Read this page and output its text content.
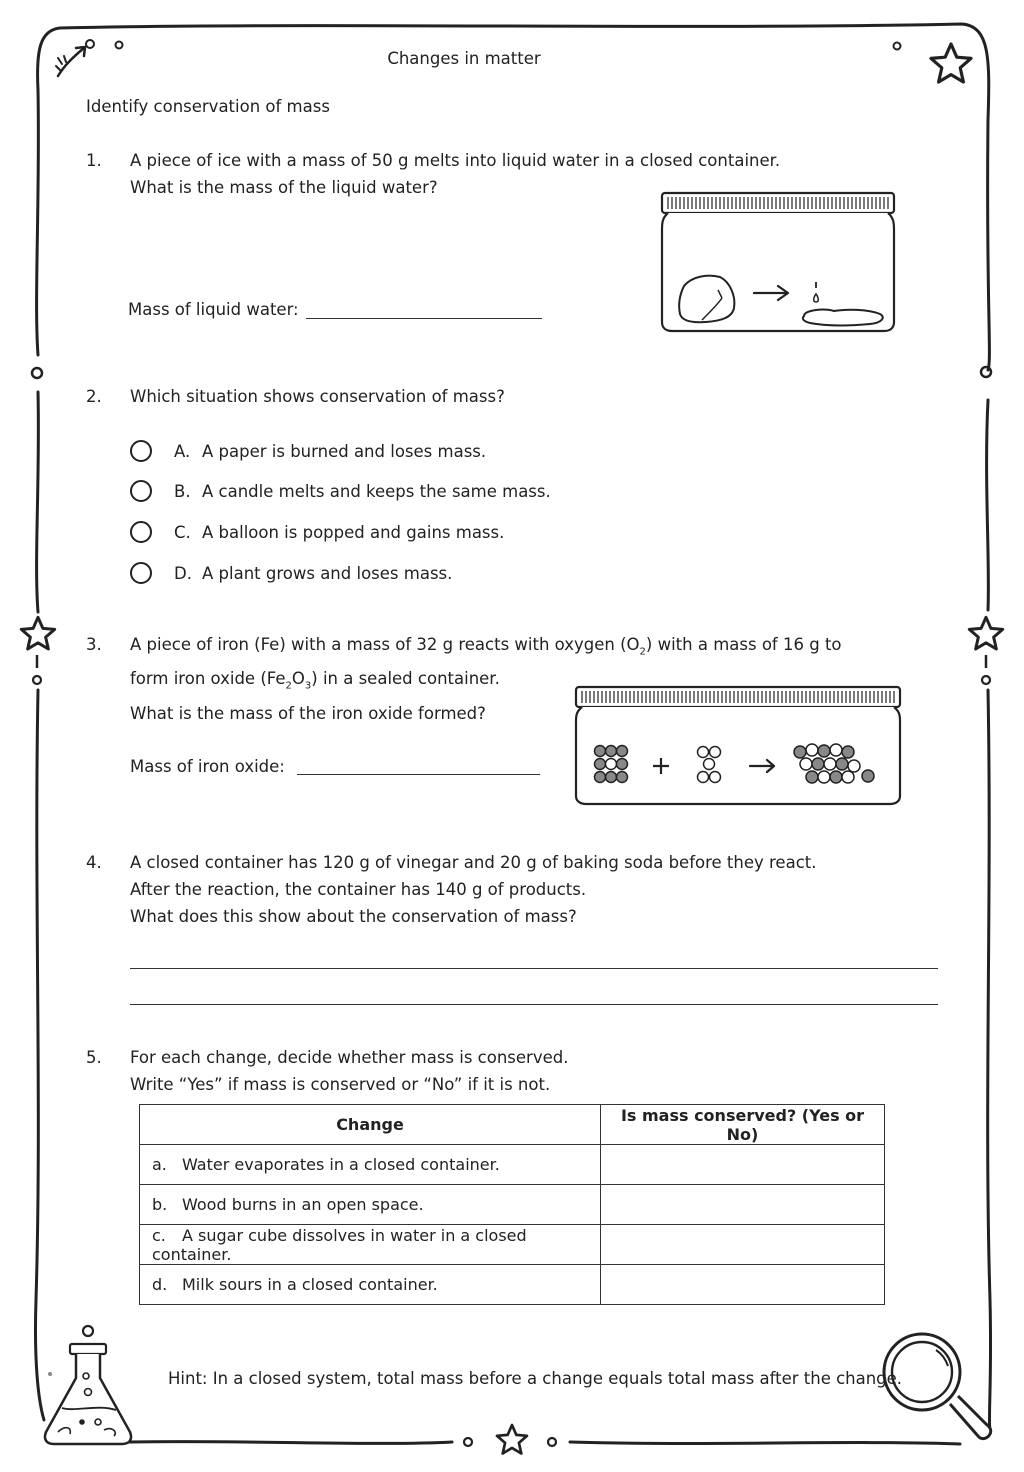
Changes in matter
Identify conservation of mass
1. A piece of ice with a mass of 50 g melts into liquid water in a closed container.
What is the mass of the liquid water?
Mass of liquid water:
2. Which situation shows conservation of mass?
A. A paper is burned and loses mass.
B. A candle melts and keeps the same mass.
C. A balloon is popped and gains mass.
D. A plant grows and loses mass.
3. A piece of iron (Fe) with a mass of 32 g reacts with oxygen $(O_2)$ with a mass of 16 g to
form iron oxide $(Fe_2O_3)$ in a sealed container.
What is the mass of the iron oxide formed?
Mass of iron oxide:
4. A closed container has 120 g of vinegar and 20 g of baking soda before they react.
After the reaction, the container has 140 g of products.
What does this show about the conservation of mass?
5. For each change, decide whether mass is conserved.
Write “Yes” if mass is conserved or “No” if it is not.
Change	Is mass conserved? (Yes or No)
a. Water evaporates in a closed container.	
b. Wood burns in an open space.	
c. A sugar cube dissolves in water in a closed container.	
d. Milk sours in a closed container.	
Hint: In a closed system, total mass before a change equals total mass after the change.
